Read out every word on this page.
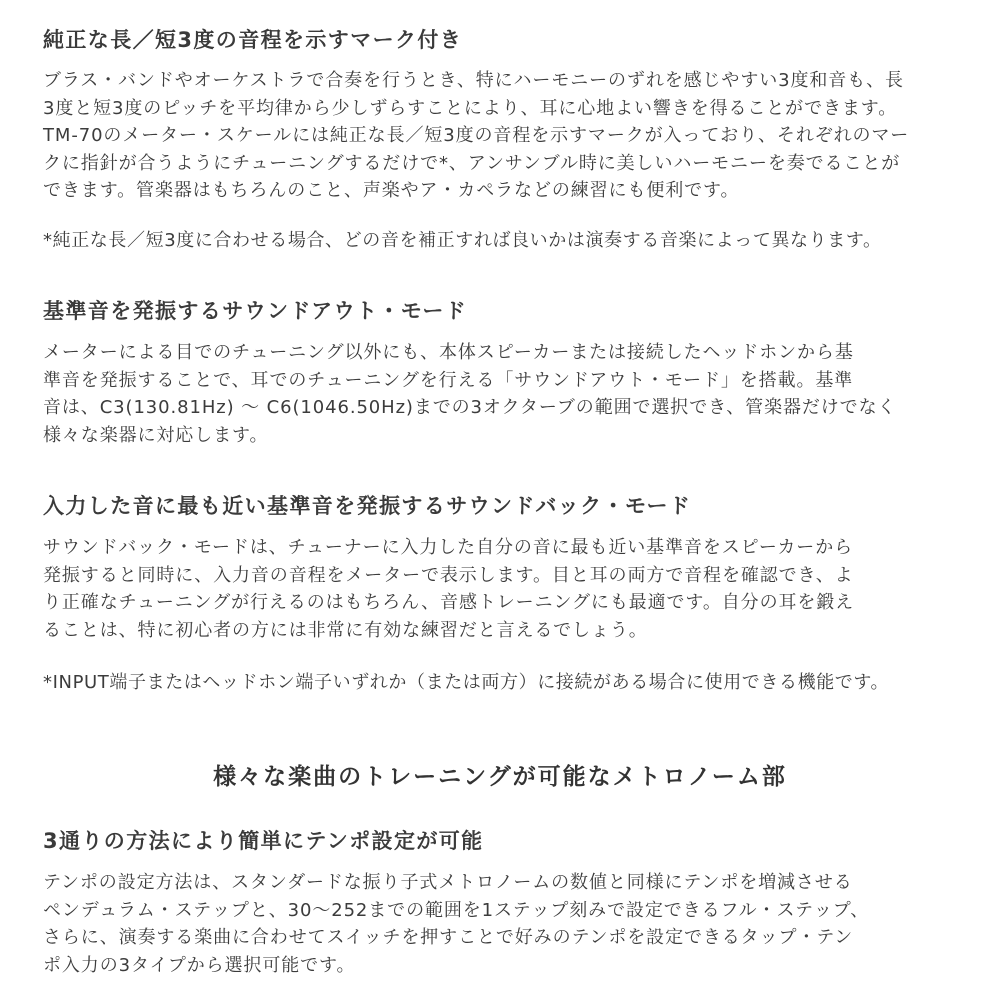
純正な長／短3度の音程を示すマーク付き
ブラス・バンドやオーケストラで合奏を行うとき、特にハーモニーのずれを感じやすい3度和音も、長
3度と短3度のピッチを平均律から少しずらすことにより、耳に心地よい響きを得ることができます。
TM-70のメーター・スケールには純正な長／短3度の音程を示すマークが入っており、それぞれのマー
クに指針が合うようにチューニングするだけで*、アンサンブル時に美しいハーモニーを奏でることが
できます。管楽器はもちろんのこと、声楽やア・カペラなどの練習にも便利です。

*純正な長／短3度に合わせる場合、どの音を補正すれば良いかは演奏する音楽によって異なります。

基準音を発振するサウンドアウト・モード
メーターによる目でのチューニング以外にも、本体スピーカーまたは接続したヘッドホンから基
準音を発振することで、耳でのチューニングを行える「サウンドアウト・モード」を搭載。基準
音は、C3(130.81Hz) 〜 C6(1046.50Hz)までの3オクターブの範囲で選択でき、管楽器だけでなく
様々な楽器に対応します。
入力した音に最も近い基準音を発振するサウンドバック・モード
サウンドバック・モードは、チューナーに入力した自分の音に最も近い基準音をスピーカーから
発振すると同時に、入力音の音程をメーターで表示します。目と耳の両方で音程を確認でき、よ
り正確なチューニングが行えるのはもちろん、音感トレーニングにも最適です。自分の耳を鍛え
ることは、特に初心者の方には非常に有効な練習だと言えるでしょう。

*INPUT端子またはヘッドホン端子いずれか（または両方）に接続がある場合に使用できる機能です。

様々な楽曲のトレーニングが可能なメトロノーム部
3通りの方法により簡単にテンポ設定が可能
テンポの設定方法は、スタンダードな振り子式メトロノームの数値と同様にテンポを増減させる
ペンデュラム・ステップと、30〜252までの範囲を1ステップ刻みで設定できるフル・ステップ、
さらに、演奏する楽曲に合わせてスイッチを押すことで好みのテンポを設定できるタップ・テン
ポ入力の3タイプから選択可能です。
